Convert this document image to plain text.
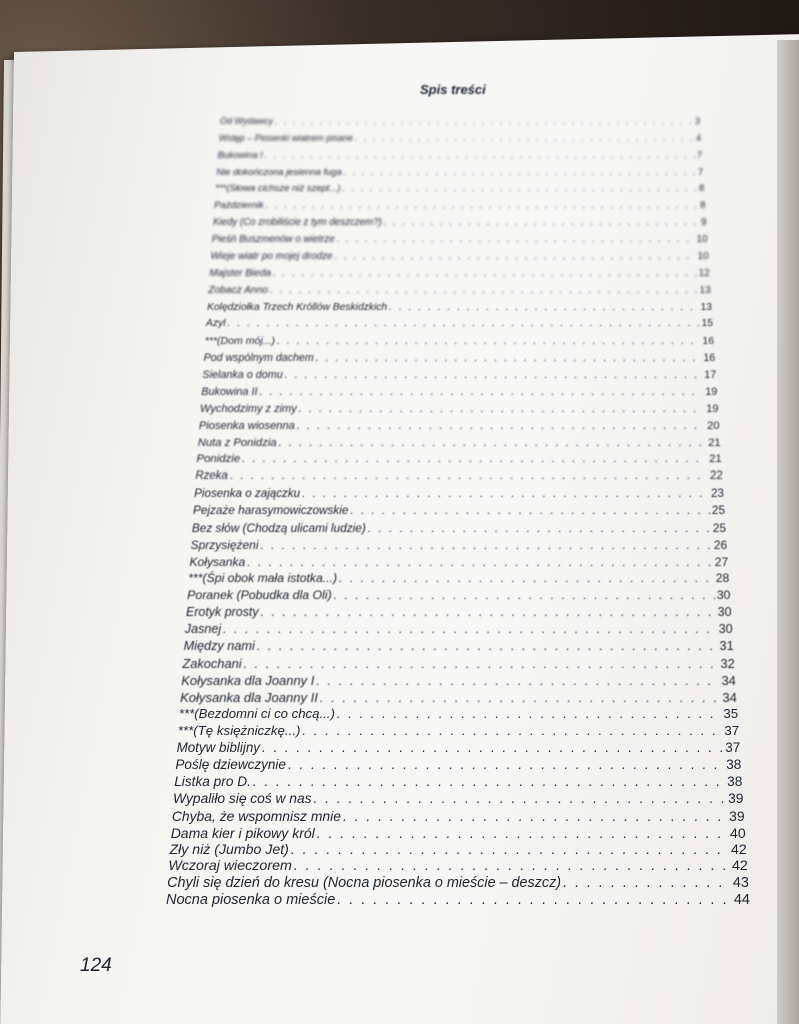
Spis treści
Od Wydawcy . . .	3
Wstęp – Piosenki wiatrem pisane . . .	4
Bukowina I . . .	7
Nie dokończona jesienna fuga . . .	7
***(Słowa cichsze niż szept...) . . .	8
Październik . . .	8
Kiedy (Co zrobiliście z tym deszczem?) . . .	9
Pieśń Buszmenów o wietrze . . .	10
Wieje wiatr po mojej drodze . . .	10
Majster Bieda . . .	12
Zobacz Anno . . .	13
Kolędziołka Trzech Króllów Beskidzkich . . .	13
Azyl . . .	15
***(Dom mój...) . . .	16
Pod wspólnym dachem . . .	16
Sielanka o domu . . .	17
Bukowina II . . .	19
Wychodzimy z zimy . . .	19
Piosenka wiosenna . . .	20
Nuta z Ponidzia . . .	21
Ponidzie . . .	21
Rzeka . . .	22
Piosenka o zajączku . . .	23
Pejzaże harasymowiczowskie . . .	25
Bez słów (Chodzą ulicami ludzie) . . .	25
Sprzysiężeni . . .	26
Kołysanka . . .	27
***(Śpi obok mała istotka...) . . .	28
Poranek (Pobudka dla Oli) . . .	30
Erotyk prosty . . .	30
Jasnej . . .	30
Między nami . . .	31
Zakochani . . .	32
Kołysanka dla Joanny I . . .	34
Kołysanka dla Joanny II . . .	34
***(Bezdomni ci co chcą...) . . .	35
***(Tę księżniczkę...) . . .	37
Motyw biblijny . . .	37
Poślę dziewczynie . . .	38
Listka pro D. . . .	38
Wypaliło się coś w nas . . .	39
Chyba, że wspomnisz mnie . . .	39
Dama kier i pikowy król . . .	40
Zły niż (Jumbo Jet) . . .	42
Wczoraj wieczorem . . .	42
Chyli się dzień do kresu (Nocna piosenka o mieście – deszcz) . . .	43
Nocna piosenka o mieście . . .	44
124
